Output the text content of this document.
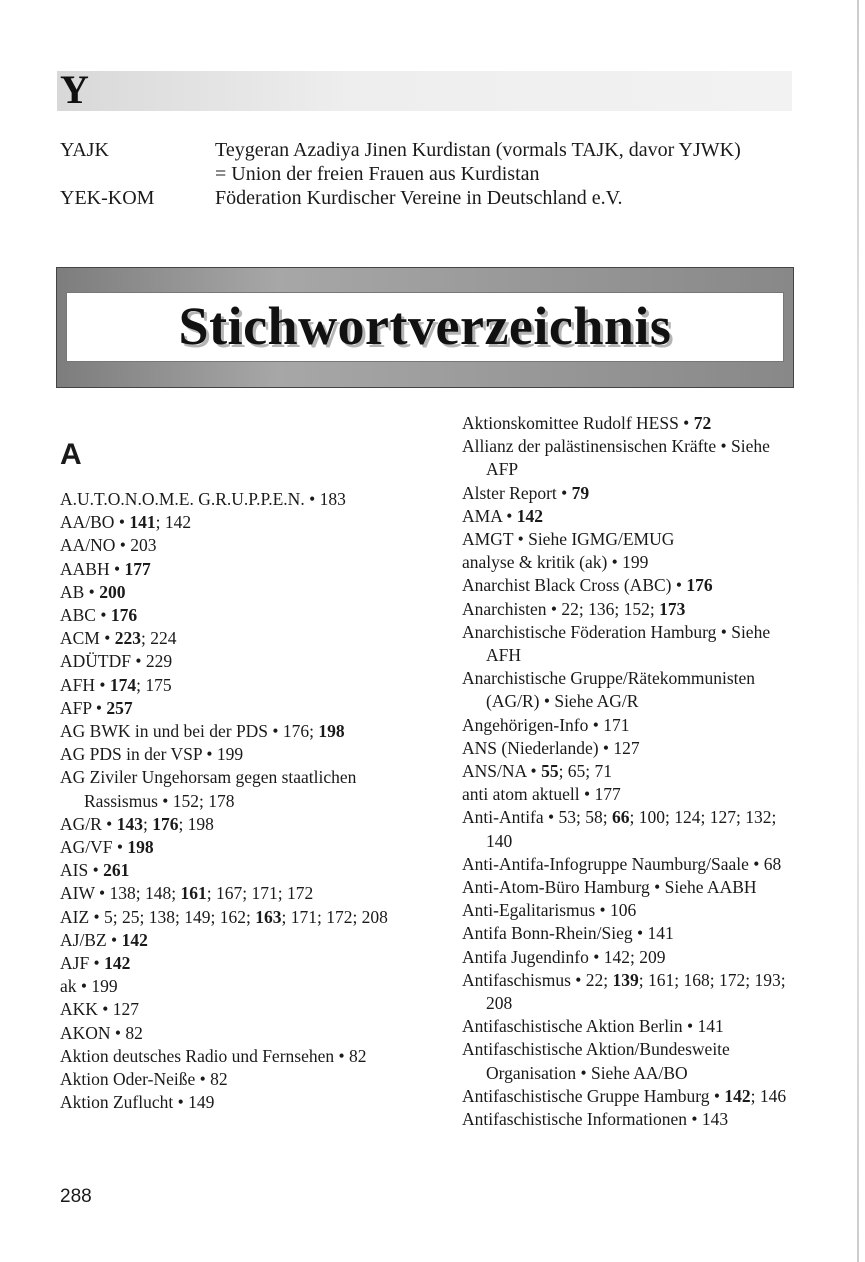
Y
YAJK	Teygeran Azadiya Jinen Kurdistan (vormals TAJK, davor YJWK)
= Union der freien Frauen aus Kurdistan
YEK-KOM	Föderation Kurdischer Vereine in Deutschland e.V.
Stichwortverzeichnis
A
A.U.T.O.N.O.M.E. G.R.U.P.P.E.N. • 183
AA/BO • 141; 142
AA/NO • 203
AABH • 177
AB • 200
ABC • 176
ACM • 223; 224
ADÜTDF • 229
AFH • 174; 175
AFP • 257
AG BWK in und bei der PDS • 176; 198
AG PDS in der VSP • 199
AG Ziviler Ungehorsam gegen staatlichen Rassismus • 152; 178
AG/R • 143; 176; 198
AG/VF • 198
AIS • 261
AIW • 138; 148; 161; 167; 171; 172
AIZ • 5; 25; 138; 149; 162; 163; 171; 172; 208
AJ/BZ • 142
AJF • 142
ak • 199
AKK • 127
AKON • 82
Aktion deutsches Radio und Fernsehen • 82
Aktion Oder-Neiße • 82
Aktion Zuflucht • 149
Aktionskomittee Rudolf HESS • 72
Allianz der palästinensischen Kräfte • Siehe AFP
Alster Report • 79
AMA • 142
AMGT • Siehe IGMG/EMUG
analyse & kritik (ak) • 199
Anarchist Black Cross (ABC) • 176
Anarchisten • 22; 136; 152; 173
Anarchistische Föderation Hamburg • Siehe AFH
Anarchistische Gruppe/Rätekommunisten (AG/R) • Siehe AG/R
Angehörigen-Info • 171
ANS (Niederlande) • 127
ANS/NA • 55; 65; 71
anti atom aktuell • 177
Anti-Antifa • 53; 58; 66; 100; 124; 127; 132; 140
Anti-Antifa-Infogruppe Naumburg/Saale • 68
Anti-Atom-Büro Hamburg • Siehe AABH
Anti-Egalitarismus • 106
Antifa Bonn-Rhein/Sieg • 141
Antifa Jugendinfo • 142; 209
Antifaschismus • 22; 139; 161; 168; 172; 193; 208
Antifaschistische Aktion Berlin • 141
Antifaschistische Aktion/Bundesweite Organisation • Siehe AA/BO
Antifaschistische Gruppe Hamburg • 142; 146
Antifaschistische Informationen • 143
288
